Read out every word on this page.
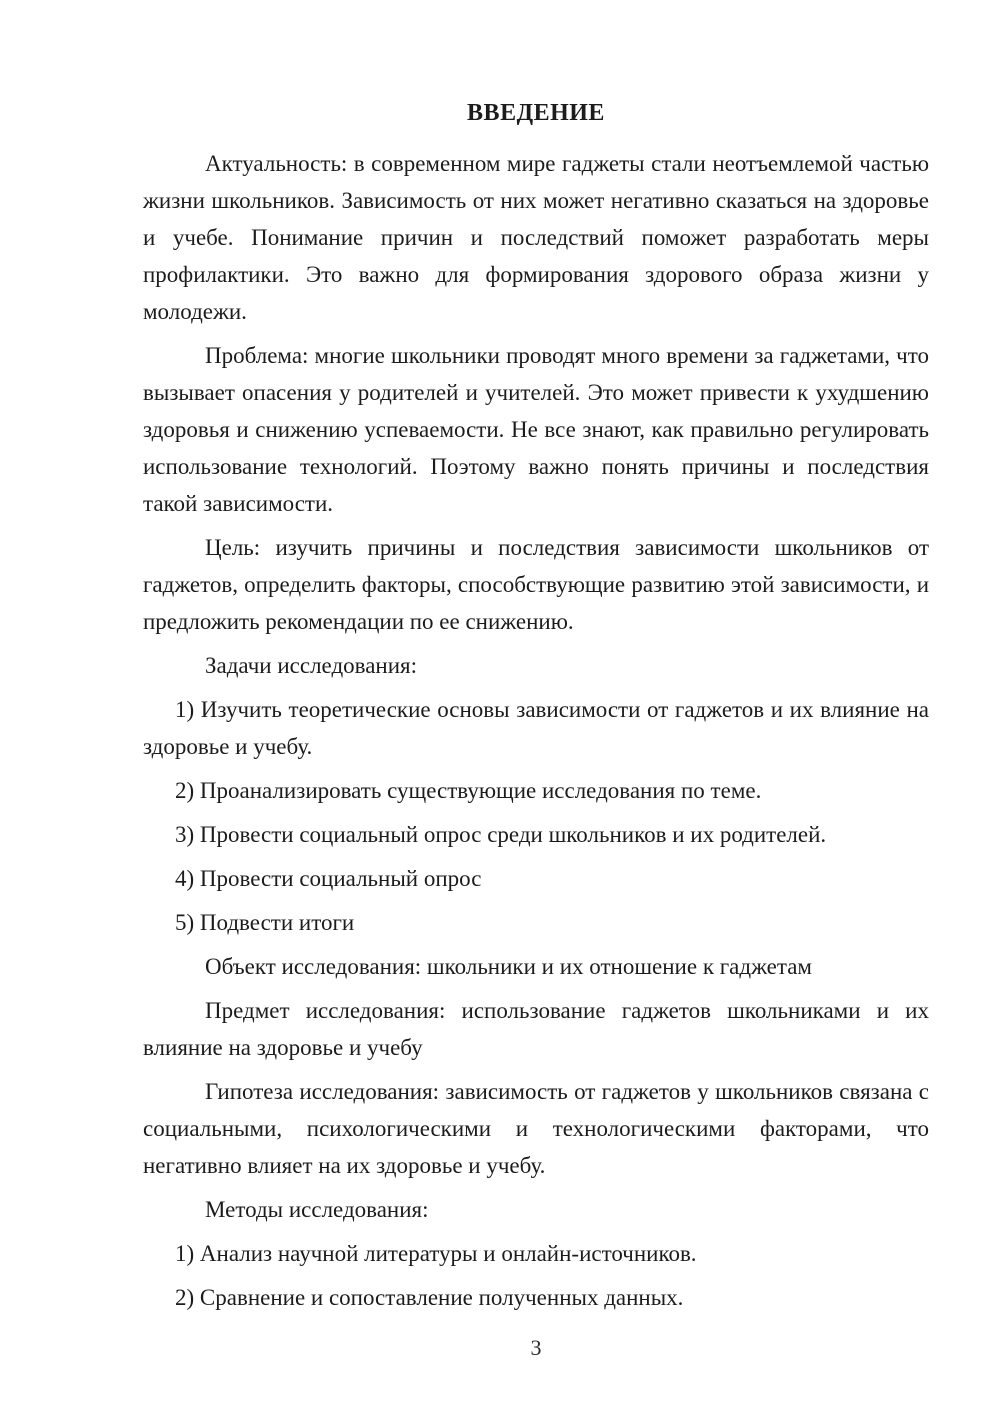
ВВЕДЕНИЕ

Актуальность: в современном мире гаджеты стали неотъемлемой частью жизни школьников. Зависимость от них может негативно сказаться на здоровье и учебе. Понимание причин и последствий поможет разработать меры профилактики. Это важно для формирования здорового образа жизни у молодежи.

Проблема: многие школьники проводят много времени за гаджетами, что вызывает опасения у родителей и учителей. Это может привести к ухудшению здоровья и снижению успеваемости. Не все знают, как правильно регулировать использование технологий. Поэтому важно понять причины и последствия такой зависимости.

Цель: изучить причины и последствия зависимости школьников от гаджетов, определить факторы, способствующие развитию этой зависимости, и предложить рекомендации по ее снижению.

Задачи исследования:

1) Изучить теоретические основы зависимости от гаджетов и их влияние на здоровье и учебу.

2) Проанализировать существующие исследования по теме.

3) Провести социальный опрос среди школьников и их родителей.

4) Провести социальный опрос

5) Подвести итоги

Объект исследования: школьники и их отношение к гаджетам

Предмет исследования: использование гаджетов школьниками и их влияние на здоровье и учебу

Гипотеза исследования: зависимость от гаджетов у школьников связана с социальными, психологическими и технологическими факторами, что негативно влияет на их здоровье и учебу.

Методы исследования:

1) Анализ научной литературы и онлайн-источников.

2) Сравнение и сопоставление полученных данных.

3
